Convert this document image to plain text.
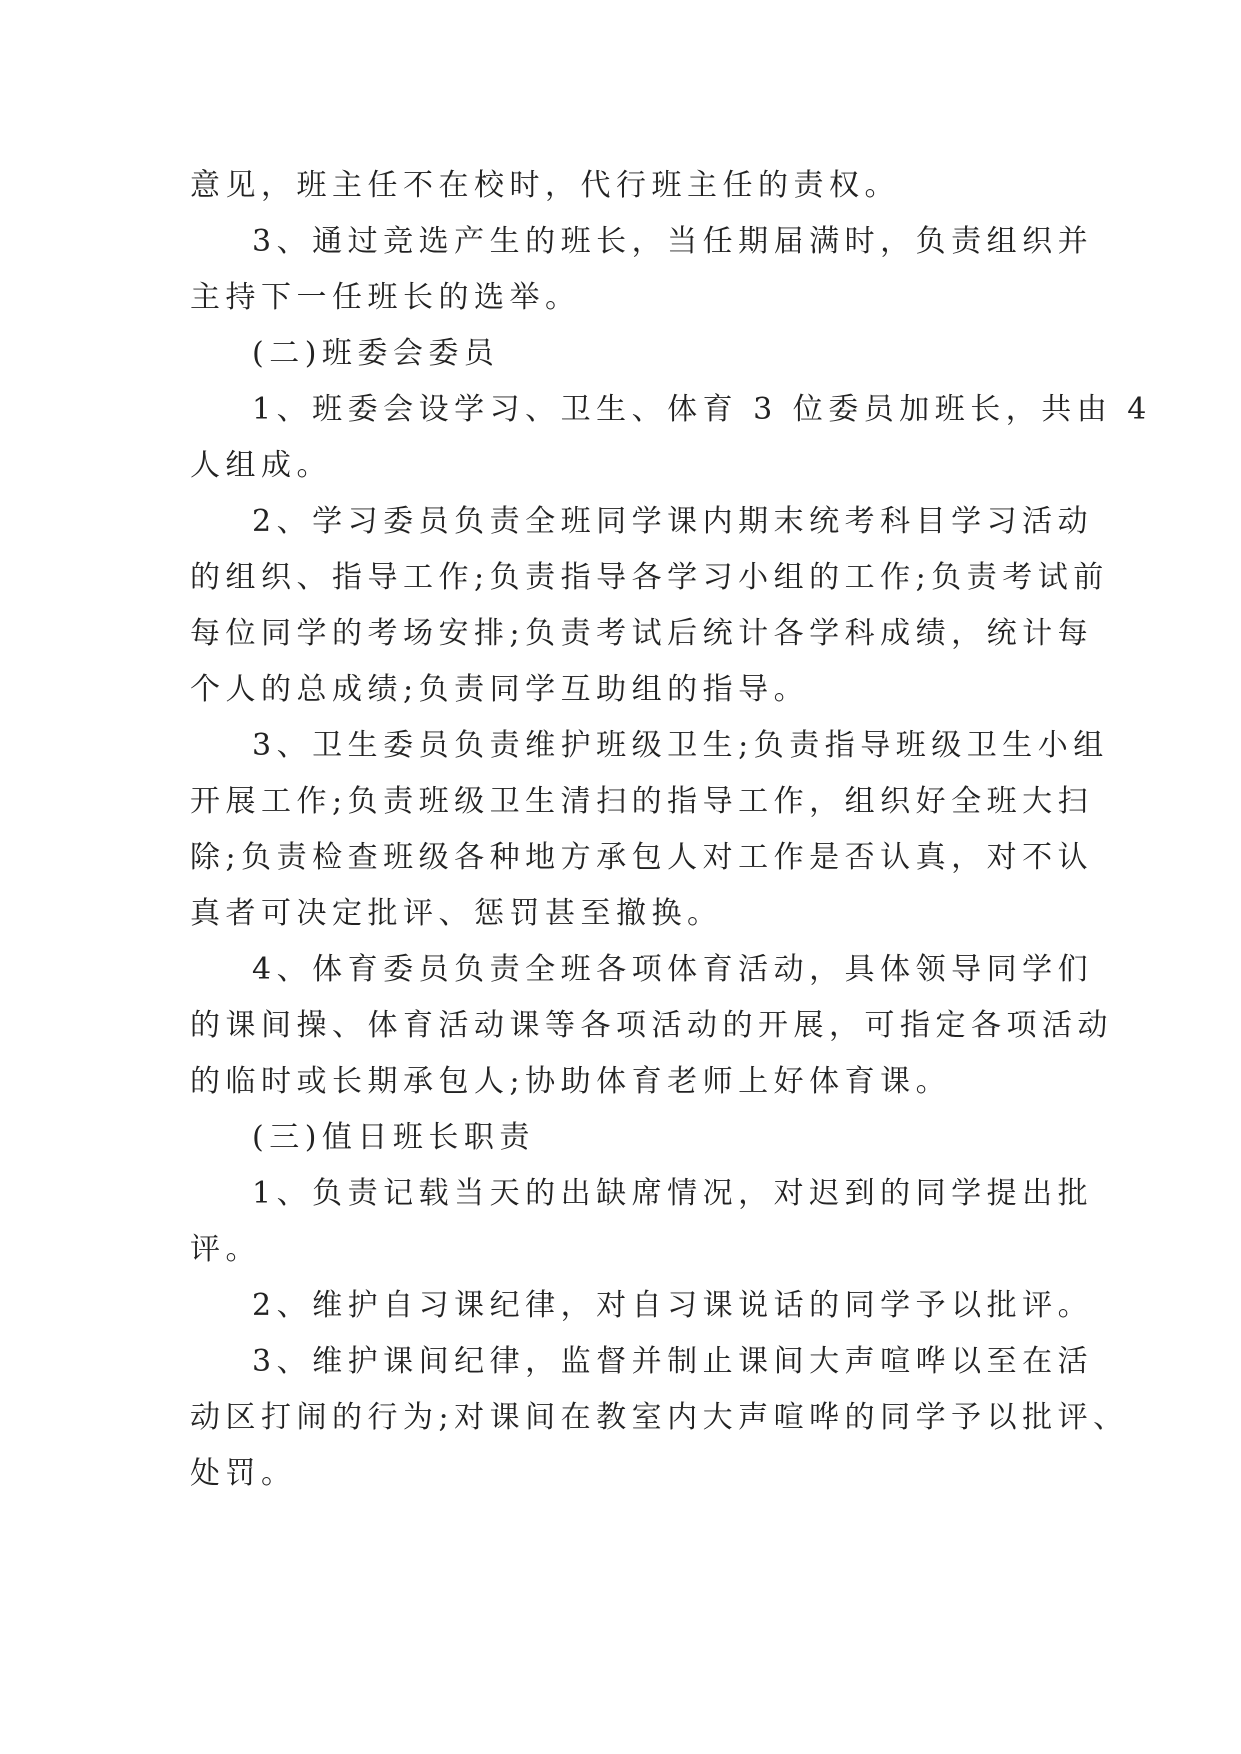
意见，班主任不在校时，代行班主任的责权。
3、通过竞选产生的班长，当任期届满时，负责组织并
主持下一任班长的选举。
(二)班委会委员
1、班委会设学习、卫生、体育 3 位委员加班长，共由 4
人组成。
2、学习委员负责全班同学课内期末统考科目学习活动
的组织、指导工作;负责指导各学习小组的工作;负责考试前
每位同学的考场安排;负责考试后统计各学科成绩，统计每
个人的总成绩;负责同学互助组的指导。
3、卫生委员负责维护班级卫生;负责指导班级卫生小组
开展工作;负责班级卫生清扫的指导工作，组织好全班大扫
除;负责检查班级各种地方承包人对工作是否认真，对不认
真者可决定批评、惩罚甚至撤换。
4、体育委员负责全班各项体育活动，具体领导同学们
的课间操、体育活动课等各项活动的开展，可指定各项活动
的临时或长期承包人;协助体育老师上好体育课。
(三)值日班长职责
1、负责记载当天的出缺席情况，对迟到的同学提出批
评。
2、维护自习课纪律，对自习课说话的同学予以批评。
3、维护课间纪律，监督并制止课间大声喧哗以至在活
动区打闹的行为;对课间在教室内大声喧哗的同学予以批评、
处罚。
